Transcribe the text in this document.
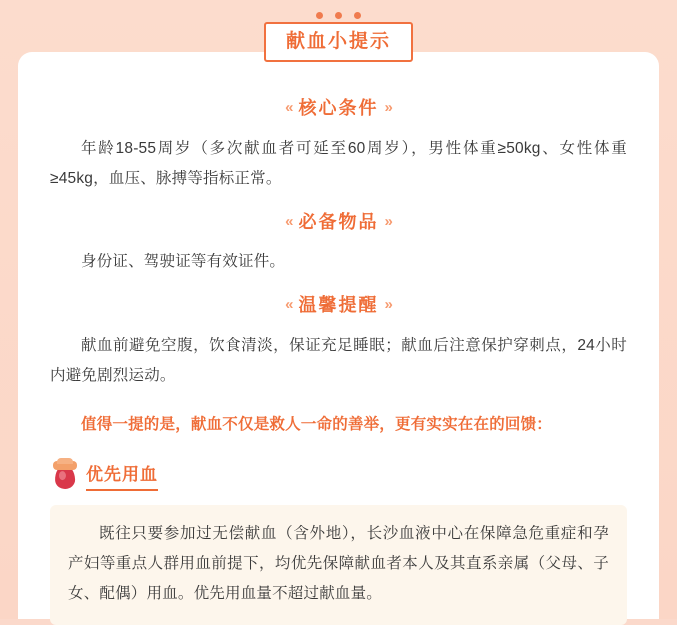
献血小提示
« 核心条件 »

年龄18-55周岁（多次献血者可延至60周岁），男性体重≥50kg、女性体重≥45kg，血压、脉搏等指标正常。

« 必备物品 »

身份证、驾驶证等有效证件。

« 温馨提醒 »

献血前避免空腹，饮食清淡，保证充足睡眠；献血后注意保护穿刺点，24小时内避免剧烈运动。

值得一提的是，献血不仅是救人一命的善举，更有实实在在的回馈：

优先用血

既往只要参加过无偿献血（含外地），长沙血液中心在保障急危重症和孕产妇等重点人群用血前提下，均优先保障献血者本人及其直系亲属（父母、子女、配偶）用血。优先用血量不超过献血量。
